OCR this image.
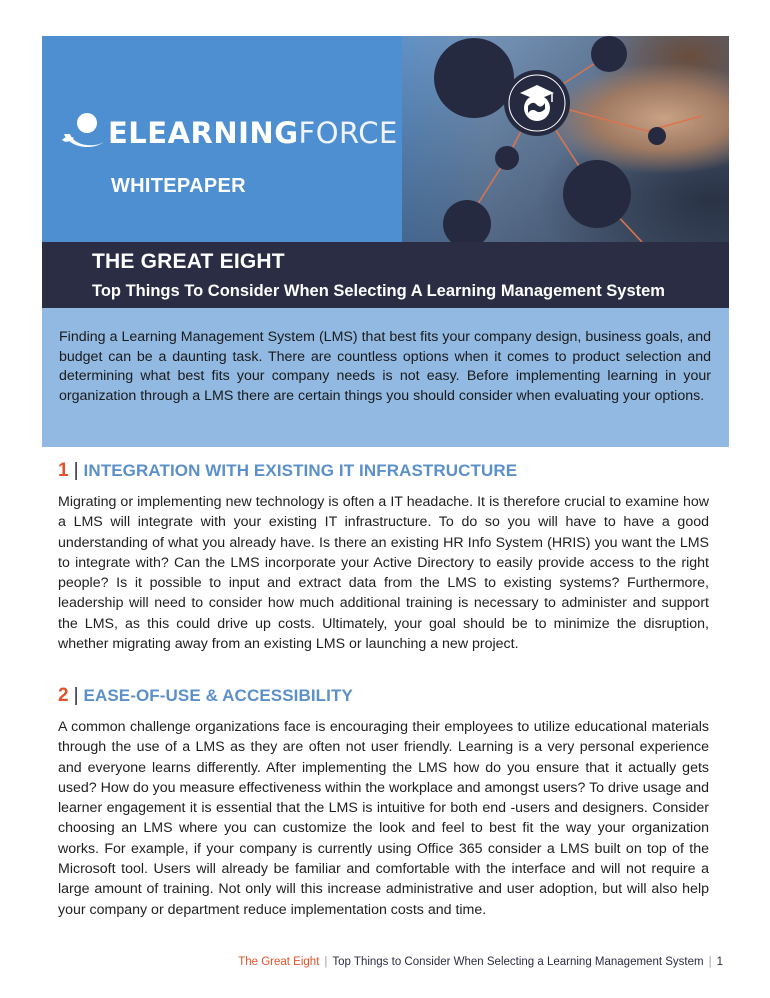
ELEARNINGFORCE
WHITEPAPER
THE GREAT EIGHT
Top Things To Consider When Selecting A Learning Management System

Finding a Learning Management System (LMS) that best fits your company design, business goals, and budget can be a daunting task. There are countless options when it comes to product selection and determining what best fits your company needs is not easy. Before implementing learning in your organization through a LMS there are certain things you should consider when evaluating your options.

1 | INTEGRATION WITH EXISTING IT INFRASTRUCTURE

Migrating or implementing new technology is often a IT headache. It is therefore crucial to examine how a LMS will integrate with your existing IT infrastructure. To do so you will have to have a good understanding of what you already have. Is there an existing HR Info System (HRIS) you want the LMS to integrate with? Can the LMS incorporate your Active Directory to easily provide access to the right people? Is it possible to input and extract data from the LMS to existing systems? Furthermore, leadership will need to consider how much additional training is necessary to administer and support the LMS, as this could drive up costs. Ultimately, your goal should be to minimize the disruption, whether migrating away from an existing LMS or launching a new project.

2 | EASE-OF-USE & ACCESSIBILITY

A common challenge organizations face is encouraging their employees to utilize educational materials through the use of a LMS as they are often not user friendly. Learning is a very personal experience and everyone learns differently. After implementing the LMS how do you ensure that it actually gets used? How do you measure effectiveness within the workplace and amongst users? To drive usage and learner engagement it is essential that the LMS is intuitive for both end -users and designers. Consider choosing an LMS where you can customize the look and feel to best fit the way your organization works. For example, if your company is currently using Office 365 consider a LMS built on top of the Microsoft tool. Users will already be familiar and comfortable with the interface and will not require a large amount of training. Not only will this increase administrative and user adoption, but will also help your company or department reduce implementation costs and time.

The Great Eight | Top Things to Consider When Selecting a Learning Management System | 1
